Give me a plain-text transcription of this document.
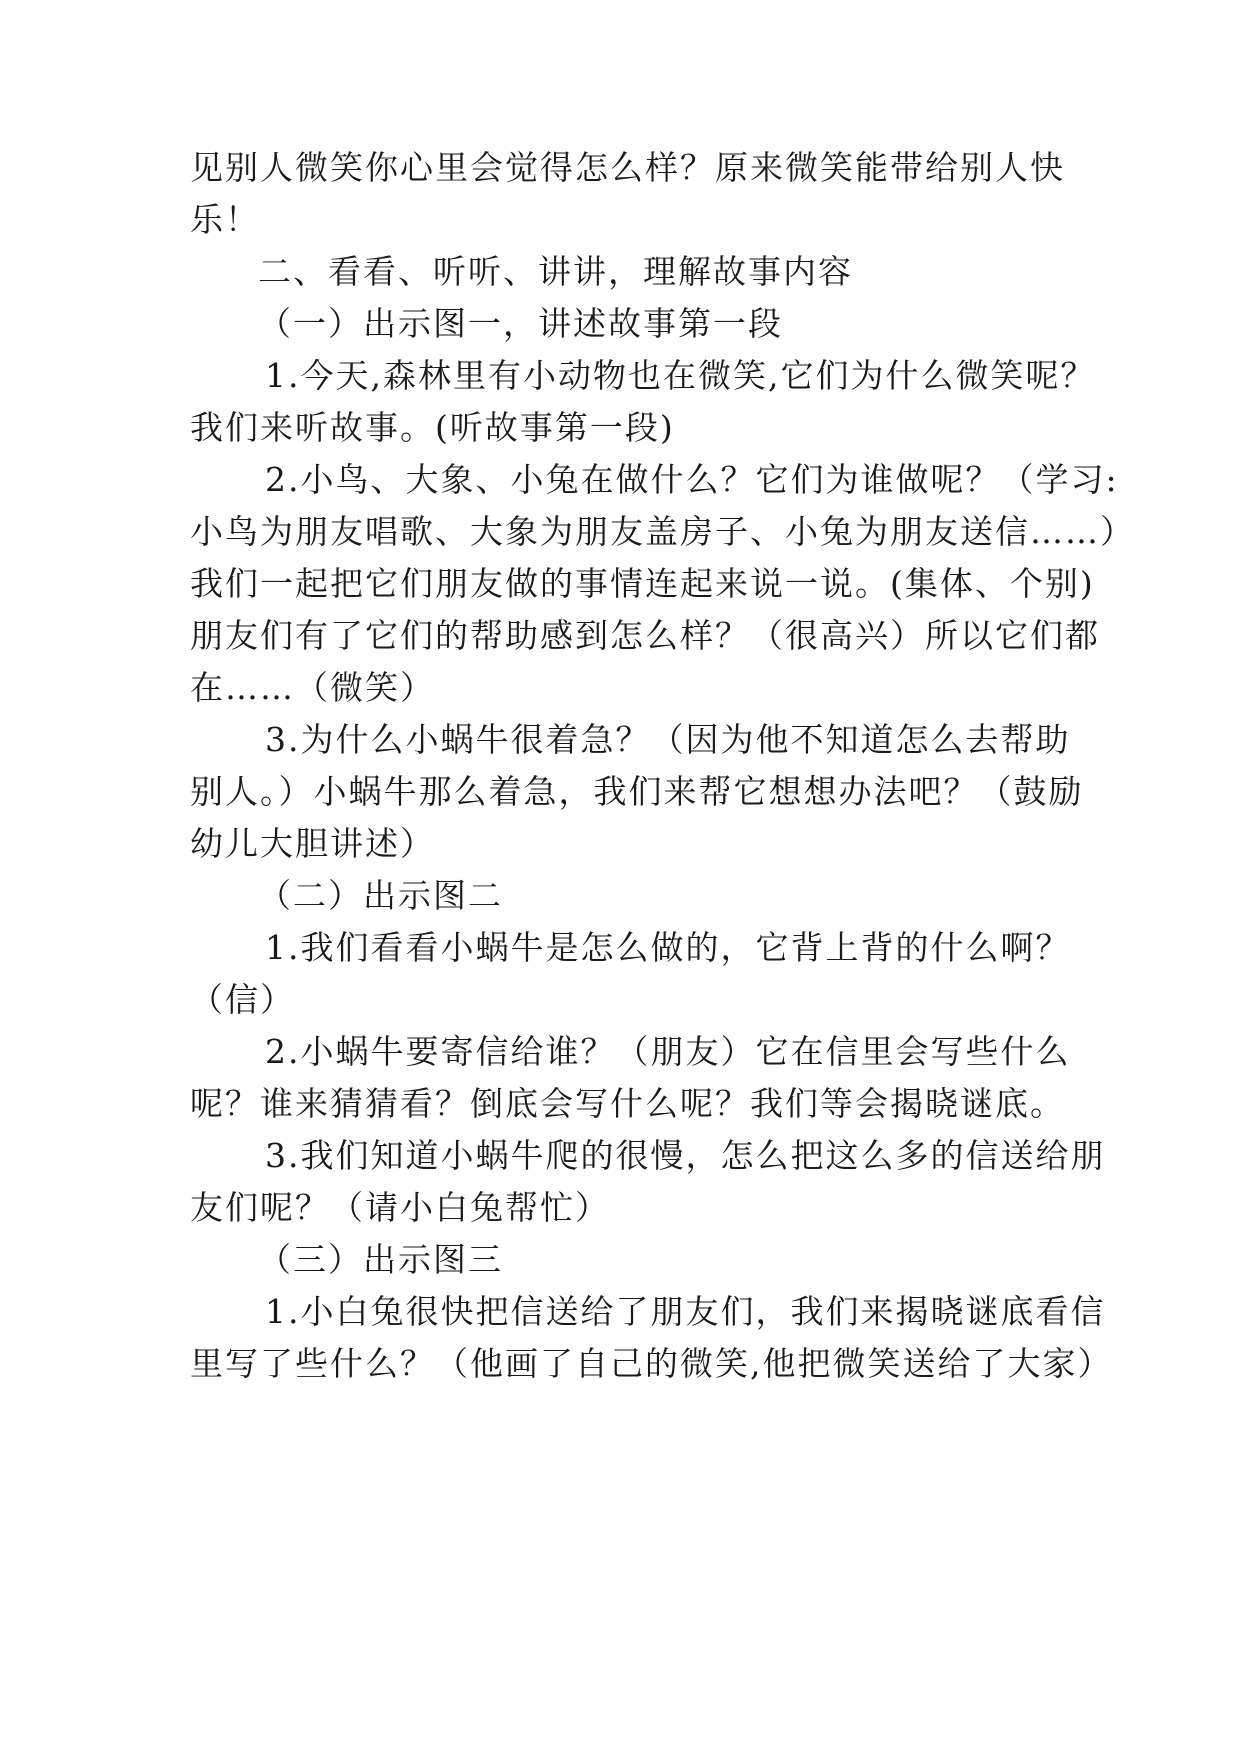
见别人微笑你心里会觉得怎么样？原来微笑能带给别人快
乐！
二、看看、听听、讲讲，理解故事内容
（一）出示图一，讲述故事第一段
1.今天,森林里有小动物也在微笑,它们为什么微笑呢？
我们来听故事。(听故事第一段)
2.小鸟、大象、小兔在做什么？它们为谁做呢？（学习:
小鸟为朋友唱歌、大象为朋友盖房子、小兔为朋友送信……）
我们一起把它们朋友做的事情连起来说一说。(集体、个别)
朋友们有了它们的帮助感到怎么样？（很高兴）所以它们都
在……（微笑）
3.为什么小蜗牛很着急？（因为他不知道怎么去帮助
别人。）小蜗牛那么着急，我们来帮它想想办法吧？（鼓励
幼儿大胆讲述）
（二）出示图二
1.我们看看小蜗牛是怎么做的，它背上背的什么啊？
（信）
2.小蜗牛要寄信给谁？（朋友）它在信里会写些什么
呢？谁来猜猜看？倒底会写什么呢？我们等会揭晓谜底。
3.我们知道小蜗牛爬的很慢，怎么把这么多的信送给朋
友们呢？（请小白兔帮忙）
（三）出示图三
1.小白兔很快把信送给了朋友们，我们来揭晓谜底看信
里写了些什么？（他画了自己的微笑,他把微笑送给了大家）
